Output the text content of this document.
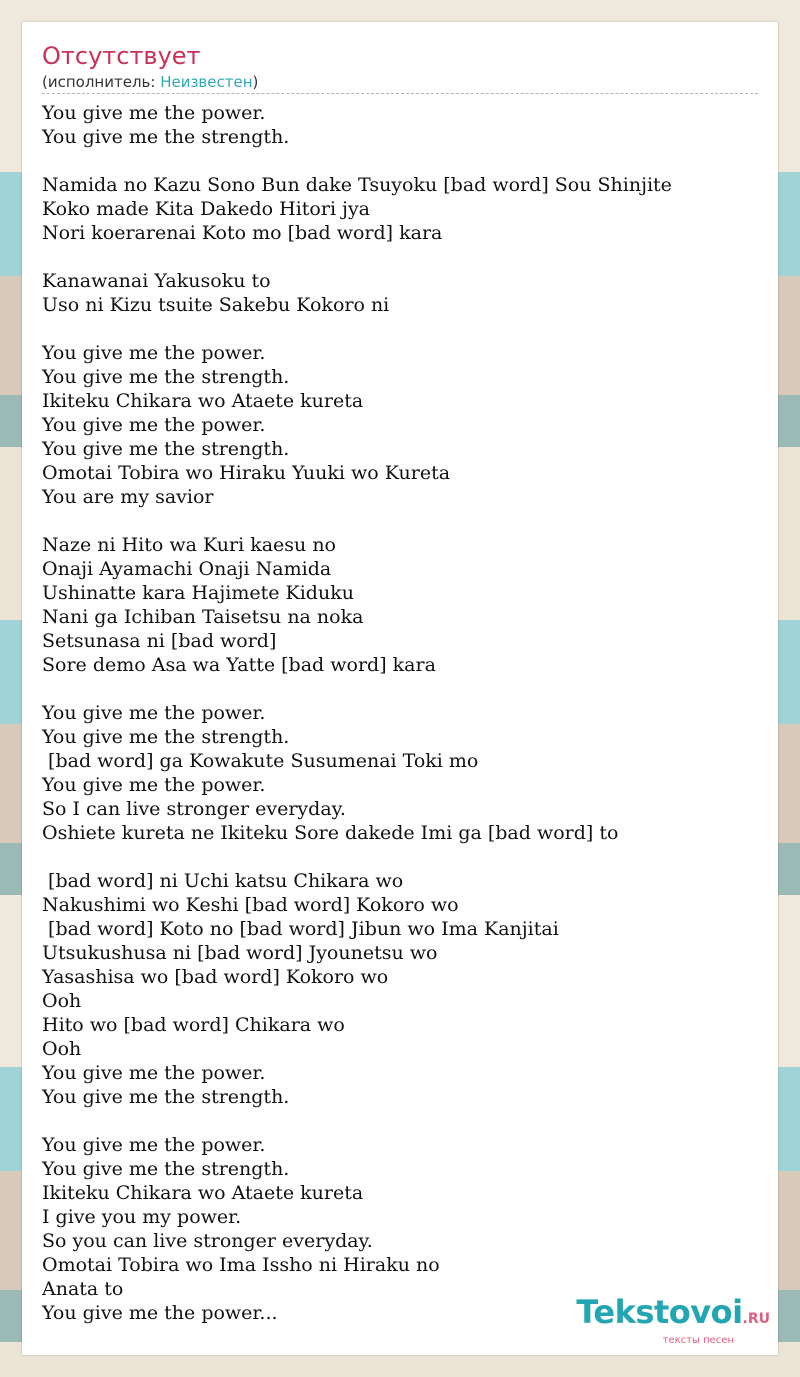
Отсутствует
(исполнитель: Неизвестен)
You give me the power.
You give me the strength.
Namida no Kazu Sono Bun dake Tsuyoku [bad word] Sou Shinjite
Koko made Kita Dakedo Hitori jya
Nori koerarenai Koto mo [bad word] kara
Kanawanai Yakusoku to
Uso ni Kizu tsuite Sakebu Kokoro ni
You give me the power.
You give me the strength.
Ikiteku Chikara wo Ataete kureta
You give me the power.
You give me the strength.
Omotai Tobira wo Hiraku Yuuki wo Kureta
You are my savior
Naze ni Hito wa Kuri kaesu no
Onaji Ayamachi Onaji Namida
Ushinatte kara Hajimete Kiduku
Nani ga Ichiban Taisetsu na noka
Setsunasa ni [bad word]
Sore demo Asa wa Yatte [bad word] kara
You give me the power.
You give me the strength.
[bad word] ga Kowakute Susumenai Toki mo
You give me the power.
So I can live stronger everyday.
Oshiete kureta ne Ikiteku Sore dakede Imi ga [bad word] to
[bad word] ni Uchi katsu Chikara wo
Nakushimi wo Keshi [bad word] Kokoro wo
[bad word] Koto no [bad word] Jibun wo Ima Kanjitai
Utsukushusa ni [bad word] Jyounetsu wo
Yasashisa wo [bad word] Kokoro wo
Ooh
Hito wo [bad word] Chikara wo
Ooh
You give me the power.
You give me the strength.
You give me the power.
You give me the strength.
Ikiteku Chikara wo Ataete kureta
I give you my power.
So you can live stronger everyday.
Omotai Tobira wo Ima Issho ni Hiraku no
Anata to
You give me the power...	Tekstovoi.RU
тексты песен
